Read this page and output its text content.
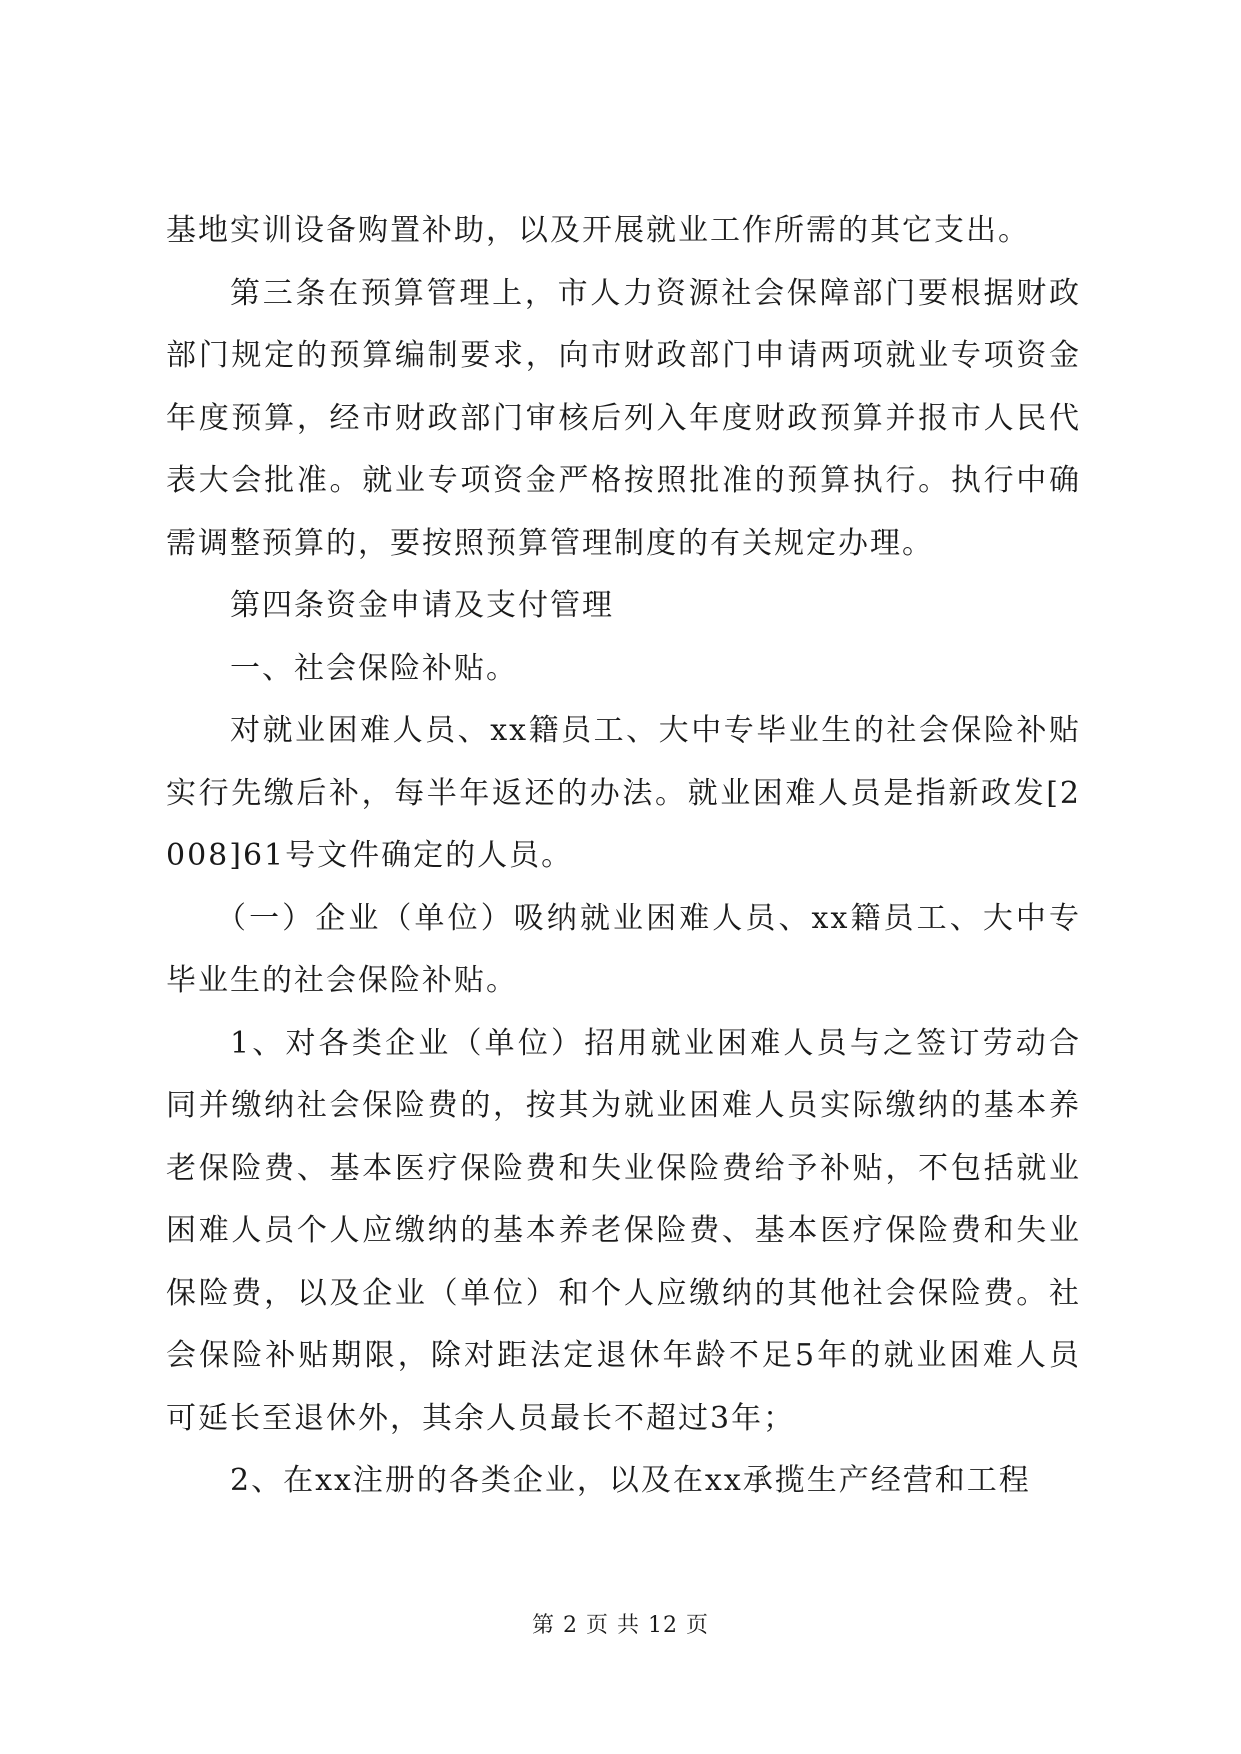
基地实训设备购置补助，以及开展就业工作所需的其它支出。

第三条在预算管理上，市人力资源社会保障部门要根据财政部门规定的预算编制要求，向市财政部门申请两项就业专项资金年度预算，经市财政部门审核后列入年度财政预算并报市人民代表大会批准。就业专项资金严格按照批准的预算执行。执行中确需调整预算的，要按照预算管理制度的有关规定办理。

第四条资金申请及支付管理

一、社会保险补贴。

对就业困难人员、xx籍员工、大中专毕业生的社会保险补贴实行先缴后补，每半年返还的办法。就业困难人员是指新政发[2008]61号文件确定的人员。

（一）企业（单位）吸纳就业困难人员、xx籍员工、大中专毕业生的社会保险补贴。

1、对各类企业（单位）招用就业困难人员与之签订劳动合同并缴纳社会保险费的，按其为就业困难人员实际缴纳的基本养老保险费、基本医疗保险费和失业保险费给予补贴，不包括就业困难人员个人应缴纳的基本养老保险费、基本医疗保险费和失业保险费，以及企业（单位）和个人应缴纳的其他社会保险费。社会保险补贴期限，除对距法定退休年龄不足5年的就业困难人员可延长至退休外，其余人员最长不超过3年；

2、在xx注册的各类企业，以及在xx承揽生产经营和工程

第 2 页 共 12 页
